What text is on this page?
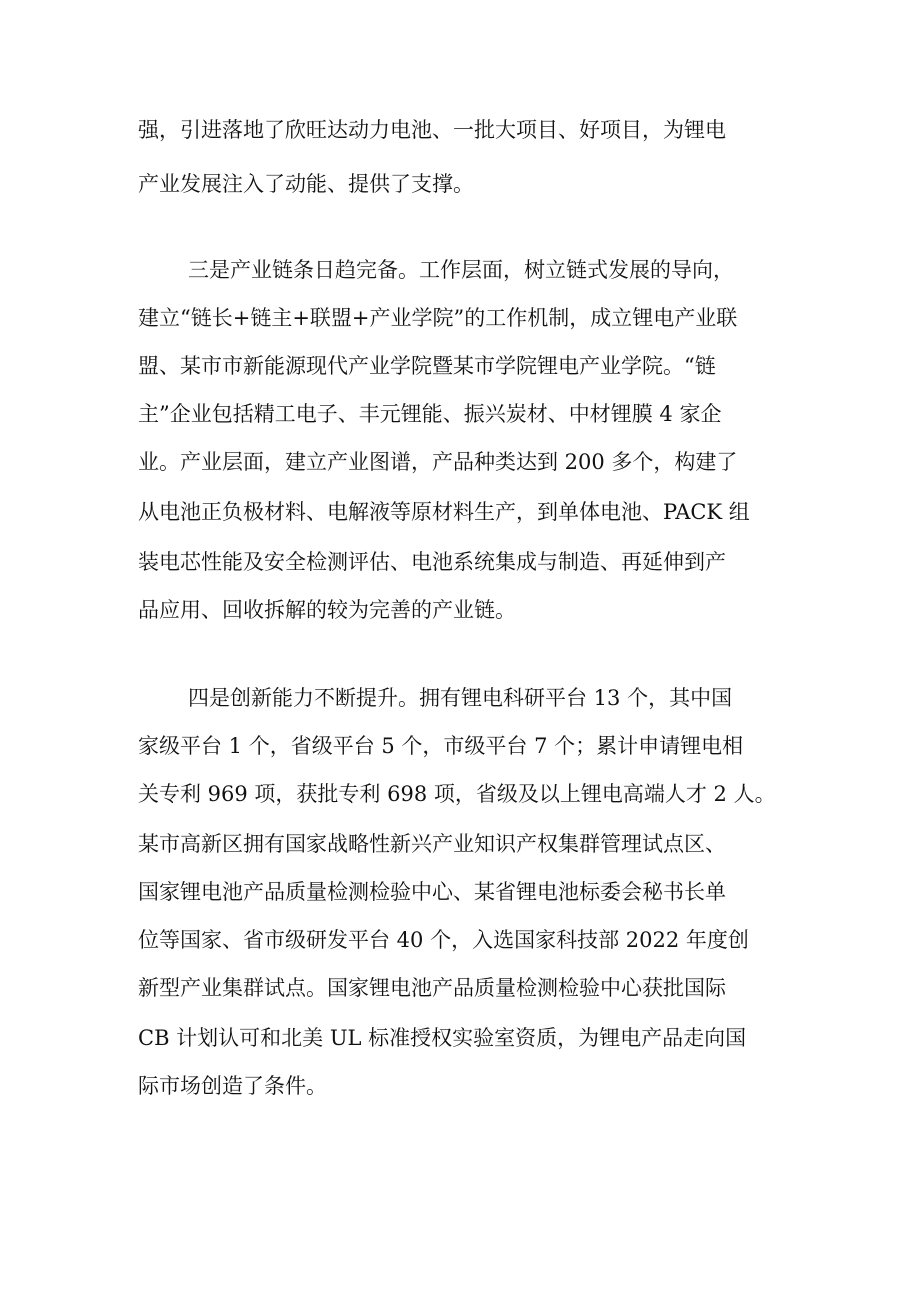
强，引进落地了欣旺达动力电池、一批大项目、好项目，为锂电
产业发展注入了动能、提供了支撑。
三是产业链条日趋完备。工作层面，树立链式发展的导向，
建立“链长+链主+联盟+产业学院”的工作机制，成立锂电产业联
盟、某市市新能源现代产业学院暨某市学院锂电产业学院。“链
主”企业包括精工电子、丰元锂能、振兴炭材、中材锂膜 4 家企
业。产业层面，建立产业图谱，产品种类达到 200 多个，构建了
从电池正负极材料、电解液等原材料生产，到单体电池、PACK 组
装电芯性能及安全检测评估、电池系统集成与制造、再延伸到产
品应用、回收拆解的较为完善的产业链。
四是创新能力不断提升。拥有锂电科研平台 13 个，其中国
家级平台 1 个，省级平台 5 个，市级平台 7 个；累计申请锂电相
关专利 969 项，获批专利 698 项，省级及以上锂电高端人才 2 人。
某市高新区拥有国家战略性新兴产业知识产权集群管理试点区、
国家锂电池产品质量检测检验中心、某省锂电池标委会秘书长单
位等国家、省市级研发平台 40 个，入选国家科技部 2022 年度创
新型产业集群试点。国家锂电池产品质量检测检验中心获批国际
CB 计划认可和北美 UL 标准授权实验室资质，为锂电产品走向国
际市场创造了条件。
